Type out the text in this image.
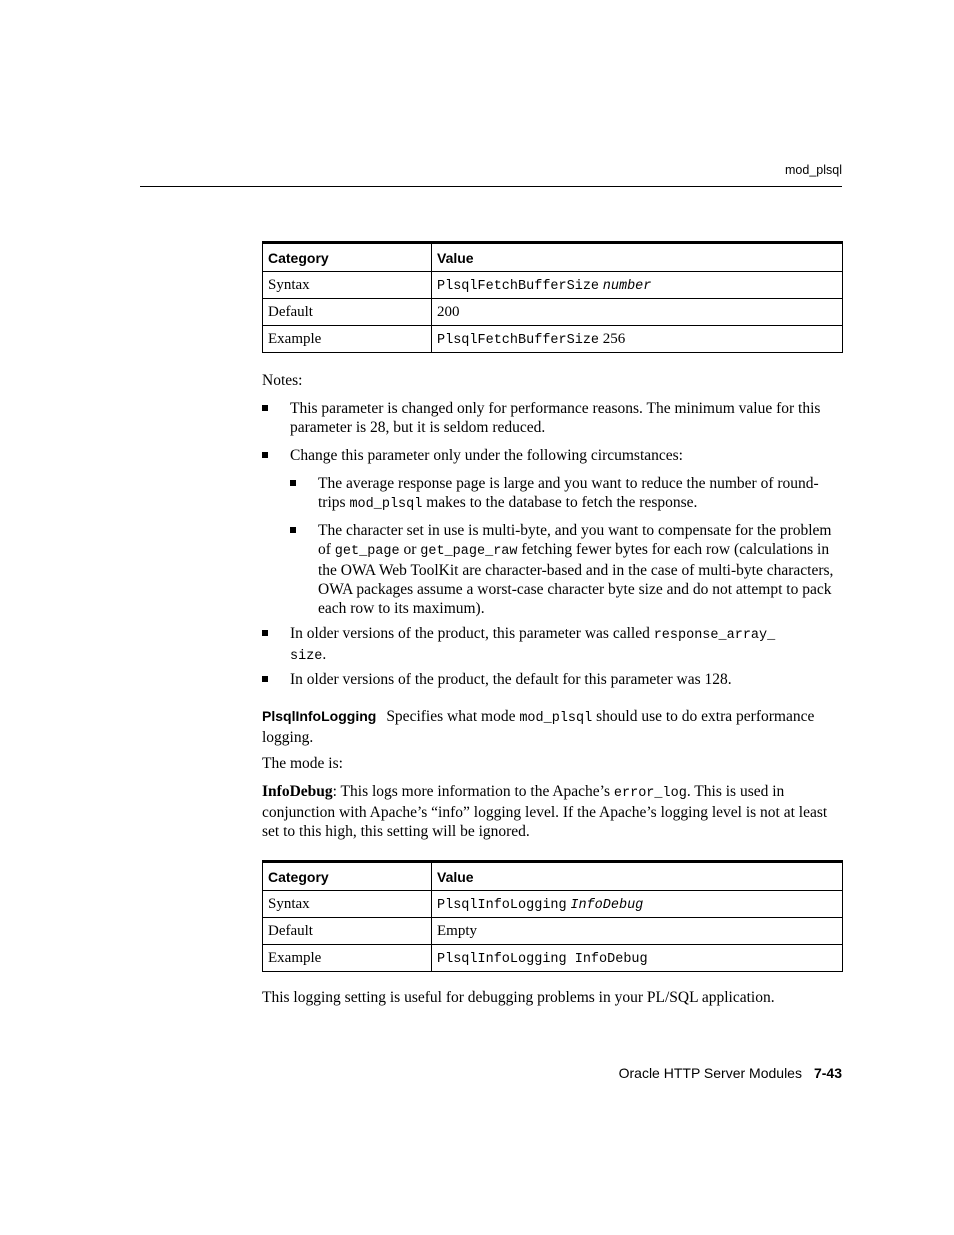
mod_plsql
Category	Value
Syntax	PlsqlFetchBufferSize number
Default	200
Example	PlsqlFetchBufferSize 256
Notes:
This parameter is changed only for performance reasons. The minimum value for this parameter is 28, but it is seldom reduced.
Change this parameter only under the following circumstances:
The average response page is large and you want to reduce the number of round-trips mod_plsql makes to the database to fetch the response.
The character set in use is multi-byte, and you want to compensate for the problem of get_page or get_page_raw fetching fewer bytes for each row (calculations in the OWA Web ToolKit are character-based and in the case of multi-byte characters, OWA packages assume a worst-case character byte size and do not attempt to pack each row to its maximum).
In older versions of the product, this parameter was called response_array_
size.
In older versions of the product, the default for this parameter was 128.
PlsqlInfoLogging Specifies what mode mod_plsql should use to do extra performance logging.
The mode is:
InfoDebug: This logs more information to the Apache’s error_log. This is used in conjunction with Apache’s “info” logging level. If the Apache’s logging level is not at least set to this high, this setting will be ignored.
Category	Value
Syntax	PlsqlInfoLogging InfoDebug
Default	Empty
Example	PlsqlInfoLogging InfoDebug
This logging setting is useful for debugging problems in your PL/SQL application.
Oracle HTTP Server Modules 7-43
